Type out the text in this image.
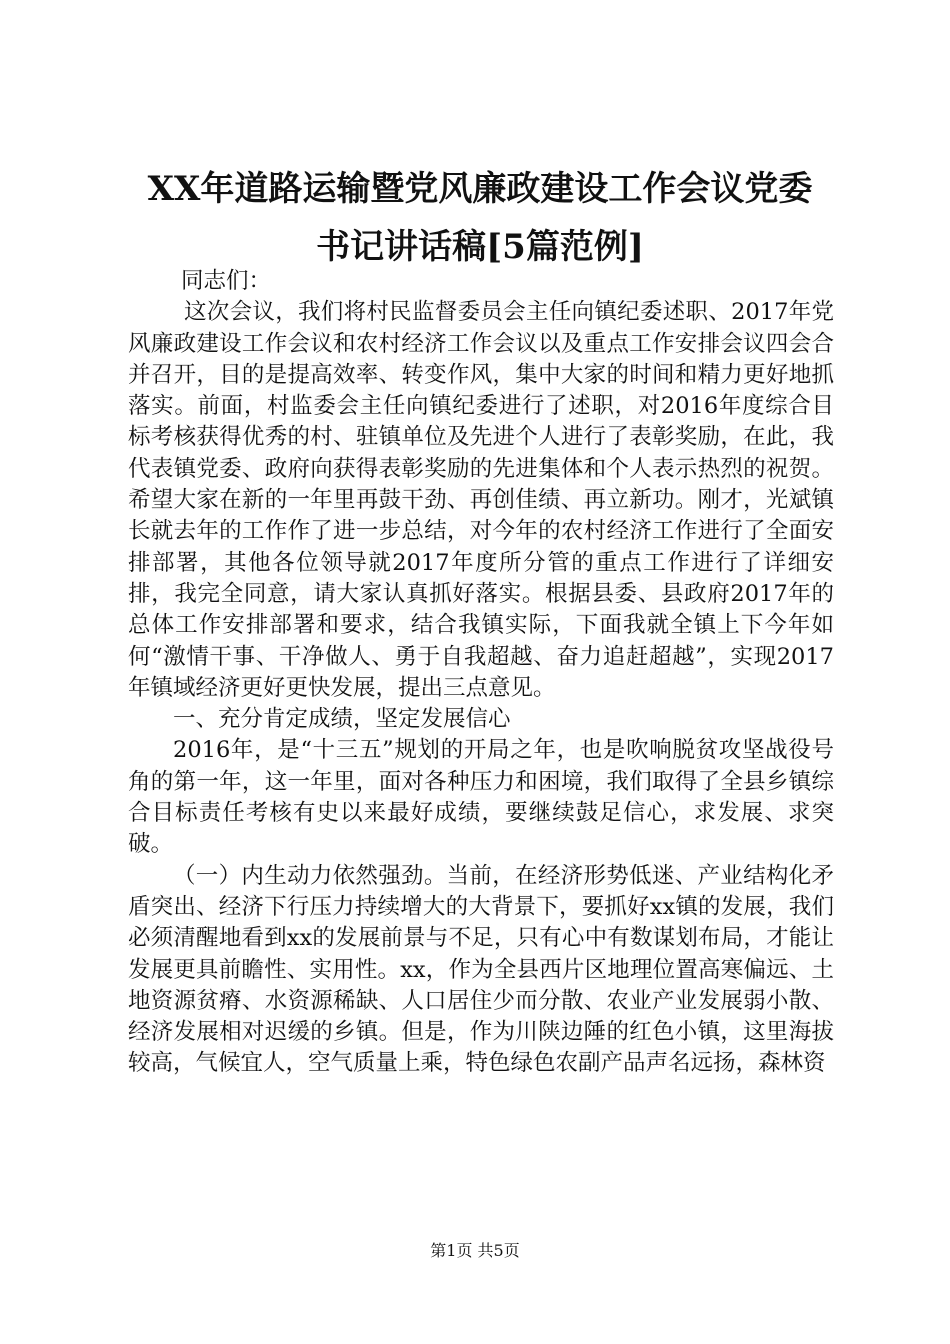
XX年道路运输暨党风廉政建设工作会议党委
书记讲话稿[5篇范例]

同志们：

这次会议，我们将村民监督委员会主任向镇纪委述职、2017年党风廉政建设工作会议和农村经济工作会议以及重点工作安排会议四会合并召开，目的是提高效率、转变作风，集中大家的时间和精力更好地抓落实。前面，村监委会主任向镇纪委进行了述职，对2016年度综合目标考核获得优秀的村、驻镇单位及先进个人进行了表彰奖励，在此，我代表镇党委、政府向获得表彰奖励的先进集体和个人表示热烈的祝贺。希望大家在新的一年里再鼓干劲、再创佳绩、再立新功。刚才，光斌镇长就去年的工作作了进一步总结，对今年的农村经济工作进行了全面安排部署，其他各位领导就2017年度所分管的重点工作进行了详细安排，我完全同意，请大家认真抓好落实。根据县委、县政府2017年的总体工作安排部署和要求，结合我镇实际，下面我就全镇上下今年如何“激情干事、干净做人、勇于自我超越、奋力追赶超越”，实现2017年镇域经济更好更快发展，提出三点意见。

一、充分肯定成绩，坚定发展信心

2016年，是“十三五”规划的开局之年，也是吹响脱贫攻坚战役号角的第一年，这一年里，面对各种压力和困境，我们取得了全县乡镇综合目标责任考核有史以来最好成绩，要继续鼓足信心，求发展、求突破。

（一）内生动力依然强劲。当前，在经济形势低迷、产业结构化矛盾突出、经济下行压力持续增大的大背景下，要抓好xx镇的发展，我们必须清醒地看到xx的发展前景与不足，只有心中有数谋划布局，才能让发展更具前瞻性、实用性。xx，作为全县西片区地理位置高寒偏远、土地资源贫瘠、水资源稀缺、人口居住少而分散、农业产业发展弱小散、经济发展相对迟缓的乡镇。但是，作为川陕边陲的红色小镇，这里海拔较高，气候宜人，空气质量上乘，特色绿色农副产品声名远扬，森林资

第1页 共5页
